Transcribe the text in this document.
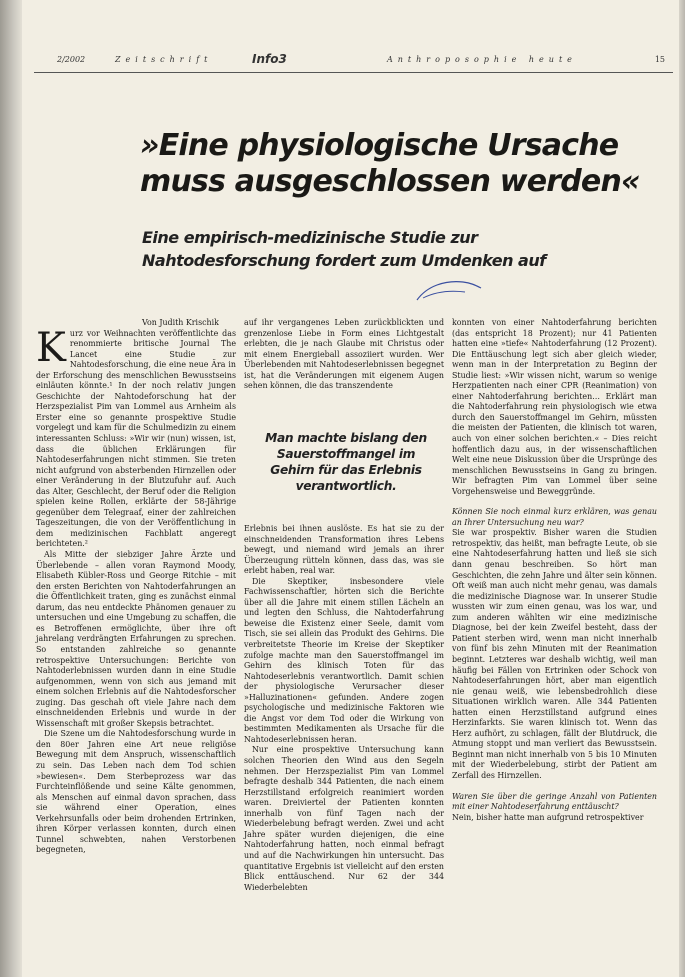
2/2002	Zeitschrift	Info3	Anthroposophie heute	15
»Eine physiologische Ursache muss ausgeschlossen werden«
Eine empirisch-medizinische Studie zur Nahtodesforschung fordert zum Umdenken auf

Von Judith Krischik

Kurz vor Weihnachten veröffentlichte das renommierte britische Journal The Lancet eine Studie zur Nahtodesforschung, die eine neue Ära in der Erforschung des menschlichen Bewusstseins einläuten könnte.¹ In der noch relativ jungen Geschichte der Nahtodeforschung hat der Herzspezialist Pim van Lommel aus Arnheim als Erster eine so genannte prospektive Studie vorgelegt und kam für die Schulmedizin zu einem interessanten Schluss: »Wir wir (nun) wissen, ist, dass die üblichen Erklärungen für Nahtodeserfahrungen nicht stimmen. Sie treten nicht aufgrund von absterbenden Hirnzellen oder einer Veränderung in der Blutzufuhr auf. Auch das Alter, Geschlecht, der Beruf oder die Religion spielen keine Rollen, erklärte der 58-Jährige gegenüber dem Telegraaf, einer der zahlreichen Tageszeitungen, die von der Veröffentlichung in dem medizinischen Fachblatt angeregt berichteten.²

Als Mitte der siebziger Jahre Ärzte und Überlebende – allen voran Raymond Moody, Elisabeth Kübler-Ross und George Ritchie – mit den ersten Berichten von Nahtoderfahrungen an die Öffentlichkeit traten, ging es zunächst einmal darum, das neu entdeckte Phänomen genauer zu untersuchen und eine Umgebung zu schaffen, die es Betroffenen ermöglichte, über ihre oft jahrelang verdrängten Erfahrungen zu sprechen. So entstanden zahlreiche so genannte retrospektive Untersuchungen: Berichte von Nahtoderlebnissen wurden dann in eine Studie aufgenommen, wenn von sich aus jemand mit einem solchen Erlebnis auf die Nahtodesforscher zuging. Das geschah oft viele Jahre nach dem einschneidenden Erlebnis und wurde in der Wissenschaft mit großer Skepsis betrachtet.

Die Szene um die Nahtodesforschung wurde in den 80er Jahren eine Art neue religiöse Bewegung mit dem Anspruch, wissenschaftlich zu sein. Das Leben nach dem Tod schien »bewiesen«. Dem Sterbeprozess war das Furchteinflößende und seine Kälte genommen, als Menschen auf einmal davon sprachen, dass sie während einer Operation, eines Verkehrsunfalls oder beim drohenden Ertrinken, ihren Körper verlassen konnten, durch einen Tunnel schwebten, nahen Verstorbenen begegneten,

auf ihr vergangenes Leben zurückblickten und grenzenlose Liebe in Form eines Lichtgestalt erlebten, die je nach Glaube mit Christus oder mit einem Energieball assoziiert wurden. Wer Überlebenden mit Nahtodeserlebnissen begegnet ist, hat die Veränderungen mit eigenem Augen sehen können, die das transzendente

Man machte bislang den Sauerstoffmangel im Gehirn für das Erlebnis verantwortlich.

Erlebnis bei ihnen auslöste. Es hat sie zu der einschneidenden Transformation ihres Lebens bewegt, und niemand wird jemals an ihrer Überzeugung rütteln können, dass das, was sie erlebt haben, real war.

Die Skeptiker, insbesondere viele Fachwissenschaftler, hörten sich die Berichte über all die Jahre mit einem stillen Lächeln an und legten den Schluss, die Nahtoderfahrung beweise die Existenz einer Seele, damit vom Tisch, sie sei allein das Produkt des Gehirns. Die verbreitetste Theorie im Kreise der Skeptiker zufolge machte man den Sauerstoffmangel im Gehirn des klinisch Toten für das Nahtodeserlebnis verantwortlich. Damit schien der physiologische Verursacher dieser »Halluzinationen« gefunden. Andere zogen psychologische und medizinische Faktoren wie die Angst vor dem Tod oder die Wirkung von bestimmten Medikamenten als Ursache für die Nahtodeserlebnissen heran.

Nur eine prospektive Untersuchung kann solchen Theorien den Wind aus den Segeln nehmen. Der Herzspezialist Pim van Lommel befragte deshalb 344 Patienten, die nach einem Herzstillstand erfolgreich reanimiert worden waren. Dreiviertel der Patienten konnten innerhalb von fünf Tagen nach der Wiederbelebung befragt werden. Zwei und acht Jahre später wurden diejenigen, die eine Nahtoderfahrung hatten, noch einmal befragt und auf die Nachwirkungen hin untersucht. Das quantitative Ergebnis ist vielleicht auf den ersten Blick enttäuschend. Nur 62 der 344 Wiederbelebten

konnten von einer Nahtoderfahrung berichten (das entspricht 18 Prozent); nur 41 Patienten hatten eine »tiefe« Nahtoderfahrung (12 Prozent). Die Enttäuschung legt sich aber gleich wieder, wenn man in der Interpretation zu Beginn der Studie liest: »Wir wissen nicht, warum so wenige Herzpatienten nach einer CPR (Reanimation) von einer Nahtoderfahrung berichten… Erklärt man die Nahtoderfahrung rein physiologisch wie etwa durch den Sauerstoffmangel im Gehirn, müssten die meisten der Patienten, die klinisch tot waren, auch von einer solchen berichten.« – Dies reicht hoffentlich dazu aus, in der wissenschaftlichen Welt eine neue Diskussion über die Ursprünge des menschlichen Bewusstseins in Gang zu bringen. Wir befragten Pim van Lommel über seine Vorgehensweise und Beweggründe.

Können Sie noch einmal kurz erklären, was genau an Ihrer Untersuchung neu war?

Sie war prospektiv. Bisher waren die Studien retrospektiv, das heißt, man befragte Leute, ob sie eine Nahtodeserfahrung hatten und ließ sie sich dann genau beschreiben. So hört man Geschichten, die zehn Jahre und älter sein können. Oft weiß man auch nicht mehr genau, was damals die medizinische Diagnose war. In unserer Studie wussten wir zum einen genau, was los war, und zum anderen wählten wir eine medizinische Diagnose, bei der kein Zweifel besteht, dass der Patient sterben wird, wenn man nicht innerhalb von fünf bis zehn Minuten mit der Reanimation beginnt. Letzteres war deshalb wichtig, weil man häufig bei Fällen von Ertrinken oder Schock von Nahtodeserfahrungen hört, aber man eigentlich nie genau weiß, wie lebensbedrohlich diese Situationen wirklich waren. Alle 344 Patienten hatten einen Herzstillstand aufgrund eines Herzinfarkts. Sie waren klinisch tot. Wenn das Herz aufhört, zu schlagen, fällt der Blutdruck, die Atmung stoppt und man verliert das Bewusstsein. Beginnt man nicht innerhalb von 5 bis 10 Minuten mit der Wiederbelebung, stirbt der Patient am Zerfall des Hirnzellen.

Waren Sie über die geringe Anzahl von Patienten mit einer Nahtodeserfahrung enttäuscht?

Nein, bisher hatte man aufgrund retrospektiver
